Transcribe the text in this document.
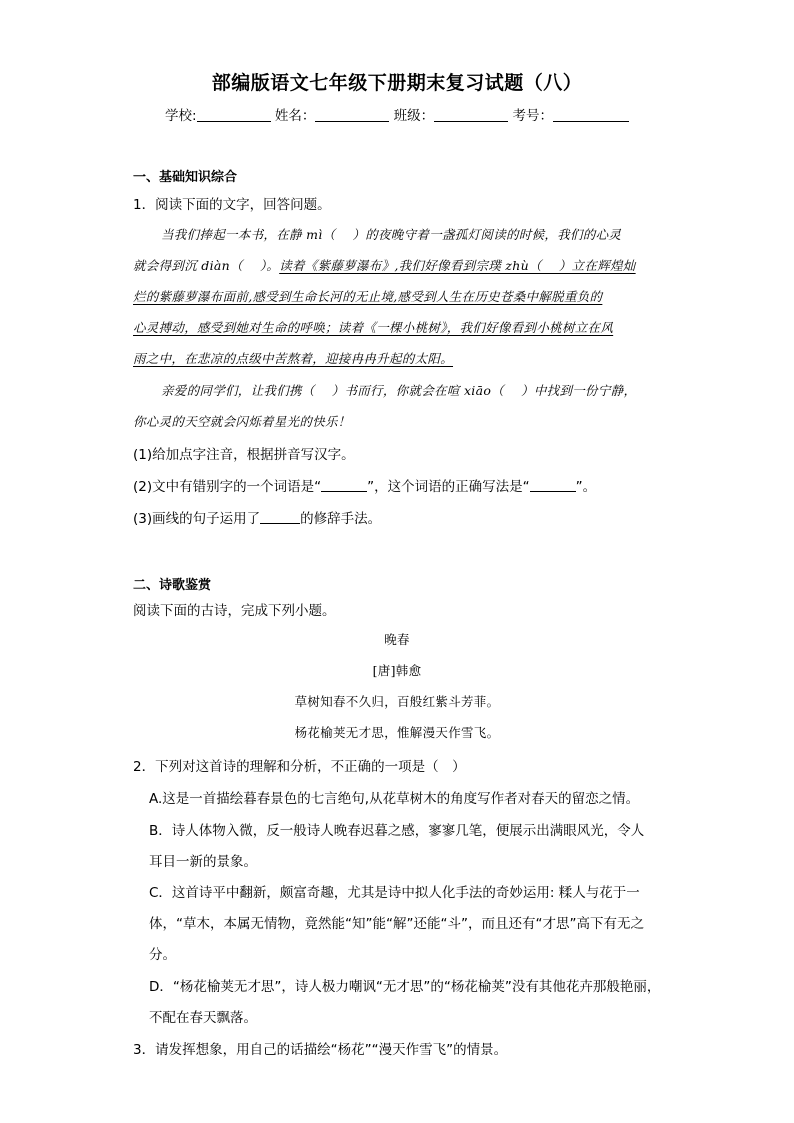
部编版语文七年级下册期末复习试题（八）
学校:	姓名：	班级：	考号：
一、基础知识综合
1．阅读下面的文字，回答问题。
当我们捧起一本书，在静 mì（　 ）的夜晚守着一盏孤灯阅读的时候，我们的心灵
就会得到沉 diàn（　 ）。读着《紫藤萝瀑布》,我们好像看到宗璞 zhù（　 ）立在辉煌灿
烂的紫藤萝瀑布面前,感受到生命长河的无止境,感受到人生在历史苍桑中解脱重负的
心灵搏动，感受到她对生命的呼唤；读着《一棵小桃树》，我们好像看到小桃树立在风
雨之中，在悲凉的点级中苦熬着，迎接冉冉升起的太阳。
亲爱的同学们，让我们携（　 ）书而行，你就会在喧 xiāo（　 ）中找到一份宁静，
你心灵的天空就会闪烁着星光的快乐！
(1)给加点字注音，根据拼音写汉字。
(2)文中有错别字的一个词语是“	”，这个词语的正确写法是“	”。
(3)画线的句子运用了	的修辞手法。
二、诗歌鉴赏
阅读下面的古诗，完成下列小题。
晚春
[唐]韩愈
草树知春不久归，百般红紫斗芳菲。
杨花榆荚无才思，惟解漫天作雪飞。
2．下列对这首诗的理解和分析，不正确的一项是（　）
A.这是一首描绘暮春景色的七言绝句,从花草树木的角度写作者对春天的留恋之情。
B．诗人体物入微，反一般诗人晚春迟暮之感，寥寥几笔，便展示出满眼风光，令人
耳目一新的景象。
C．这首诗平中翻新，颇富奇趣，尤其是诗中拟人化手法的奇妙运用: 糅人与花于一
体，“草木，本属无情物，竟然能“知”能“解”还能“斗”，而且还有“才思”高下有无之
分。
D．“杨花榆荚无才思”，诗人极力嘲讽“无才思”的“杨花榆荚”没有其他花卉那般艳丽，
不配在春天飘落。
3．请发挥想象，用自己的话描绘“杨花”“漫天作雪飞”的情景。
